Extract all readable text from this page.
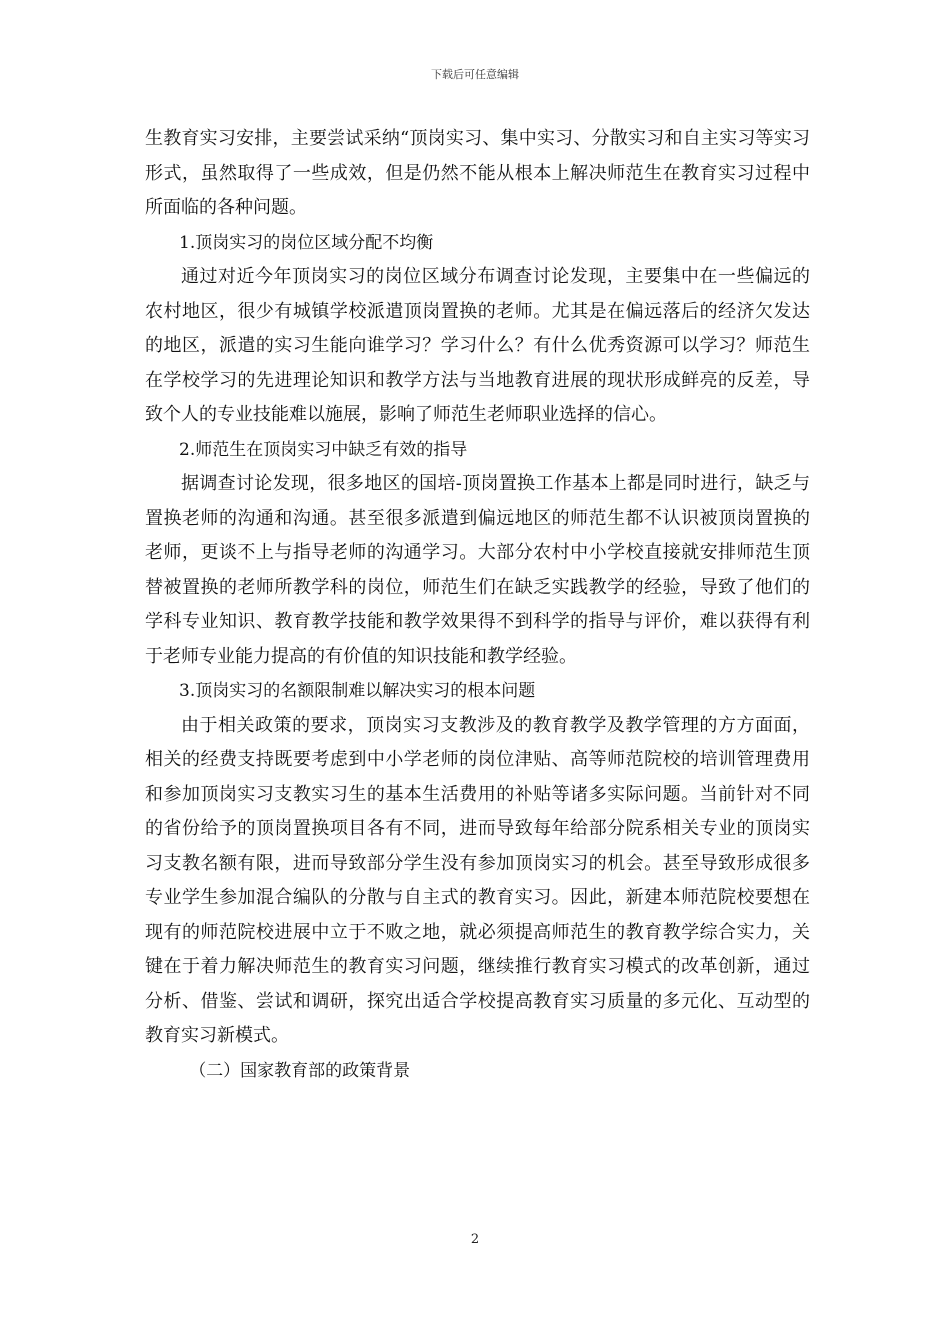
下载后可任意编辑

生教育实习安排，主要尝试采纳“顶岗实习、集中实习、分散实习和自主实习等实习形式，虽然取得了一些成效，但是仍然不能从根本上解决师范生在教育实习过程中所面临的各种问题。

1.顶岗实习的岗位区域分配不均衡

通过对近今年顶岗实习的岗位区域分布调查讨论发现，主要集中在一些偏远的农村地区，很少有城镇学校派遣顶岗置换的老师。尤其是在偏远落后的经济欠发达的地区，派遣的实习生能向谁学习？学习什么？有什么优秀资源可以学习？师范生在学校学习的先进理论知识和教学方法与当地教育进展的现状形成鲜亮的反差，导致个人的专业技能难以施展，影响了师范生老师职业选择的信心。

2.师范生在顶岗实习中缺乏有效的指导

据调查讨论发现，很多地区的国培-顶岗置换工作基本上都是同时进行，缺乏与置换老师的沟通和沟通。甚至很多派遣到偏远地区的师范生都不认识被顶岗置换的老师，更谈不上与指导老师的沟通学习。大部分农村中小学校直接就安排师范生顶替被置换的老师所教学科的岗位，师范生们在缺乏实践教学的经验，导致了他们的学科专业知识、教育教学技能和教学效果得不到科学的指导与评价，难以获得有利于老师专业能力提高的有价值的知识技能和教学经验。

3.顶岗实习的名额限制难以解决实习的根本问题

由于相关政策的要求，顶岗实习支教涉及的教育教学及教学管理的方方面面，相关的经费支持既要考虑到中小学老师的岗位津贴、高等师范院校的培训管理费用和参加顶岗实习支教实习生的基本生活费用的补贴等诸多实际问题。当前针对不同的省份给予的顶岗置换项目各有不同，进而导致每年给部分院系相关专业的顶岗实习支教名额有限，进而导致部分学生没有参加顶岗实习的机会。甚至导致形成很多专业学生参加混合编队的分散与自主式的教育实习。因此，新建本师范院校要想在现有的师范院校进展中立于不败之地，就必须提高师范生的教育教学综合实力，关键在于着力解决师范生的教育实习问题，继续推行教育实习模式的改革创新，通过分析、借鉴、尝试和调研，探究出适合学校提高教育实习质量的多元化、互动型的教育实习新模式。

（二）国家教育部的政策背景

2
